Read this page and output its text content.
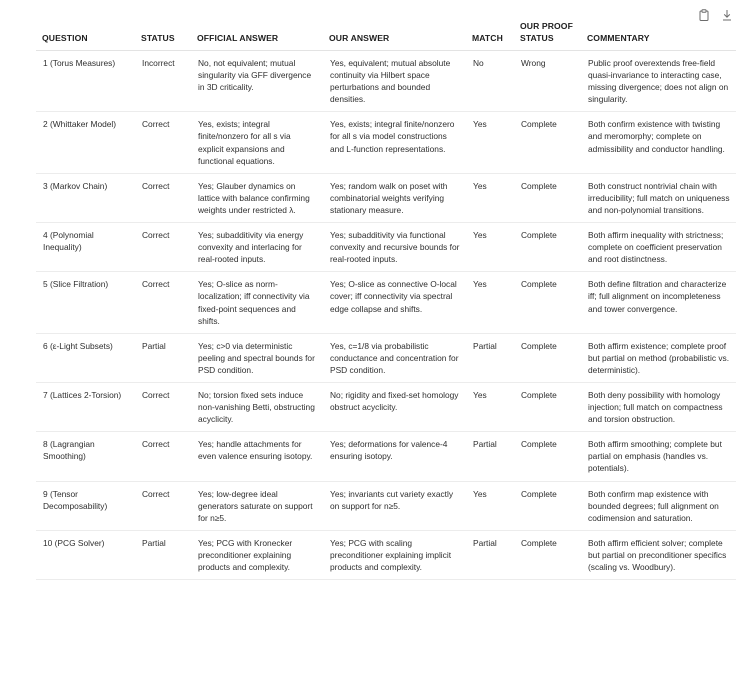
QUESTION	STATUS	OFFICIAL ANSWER	OUR ANSWER	MATCH	OUR PROOF STATUS	COMMENTARY
1 (Torus Measures)	Incorrect	No, not equivalent; mutual singularity via GFF divergence in 3D criticality.	Yes, equivalent; mutual absolute continuity via Hilbert space perturbations and bounded densities.	No	Wrong	Public proof overextends free-field quasi-invariance to interacting case, missing divergence; does not align on singularity.
2 (Whittaker Model)	Correct	Yes, exists; integral finite/nonzero for all s via explicit expansions and functional equations.	Yes, exists; integral finite/nonzero for all s via model constructions and L-function representations.	Yes	Complete	Both confirm existence with twisting and meromorphy; complete on admissibility and conductor handling.
3 (Markov Chain)	Correct	Yes; Glauber dynamics on lattice with balance confirming weights under restricted λ.	Yes; random walk on poset with combinatorial weights verifying stationary measure.	Yes	Complete	Both construct nontrivial chain with irreducibility; full match on uniqueness and non-polynomial transitions.
4 (Polynomial Inequality)	Correct	Yes; subadditivity via energy convexity and interlacing for real-rooted inputs.	Yes; subadditivity via functional convexity and recursive bounds for real-rooted inputs.	Yes	Complete	Both affirm inequality with strictness; complete on coefficient preservation and root distinctness.
5 (Slice Filtration)	Correct	Yes; O-slice as norm-localization; iff connectivity via fixed-point sequences and shifts.	Yes; O-slice as connective O-local cover; iff connectivity via spectral edge collapse and shifts.	Yes	Complete	Both define filtration and characterize iff; full alignment on incompleteness and tower convergence.
6 (ε-Light Subsets)	Partial	Yes; c>0 via deterministic peeling and spectral bounds for PSD condition.	Yes, c=1/8 via probabilistic conductance and concentration for PSD condition.	Partial	Complete	Both affirm existence; complete proof but partial on method (probabilistic vs. deterministic).
7 (Lattices 2-Torsion)	Correct	No; torsion fixed sets induce non-vanishing Betti, obstructing acyclicity.	No; rigidity and fixed-set homology obstruct acyclicity.	Yes	Complete	Both deny possibility with homology injection; full match on compactness and torsion obstruction.
8 (Lagrangian Smoothing)	Correct	Yes; handle attachments for even valence ensuring isotopy.	Yes; deformations for valence-4 ensuring isotopy.	Partial	Complete	Both affirm smoothing; complete but partial on emphasis (handles vs. potentials).
9 (Tensor Decomposability)	Correct	Yes; low-degree ideal generators saturate on support for n≥5.	Yes; invariants cut variety exactly on support for n≥5.	Yes	Complete	Both confirm map existence with bounded degrees; full alignment on codimension and saturation.
10 (PCG Solver)	Partial	Yes; PCG with Kronecker preconditioner explaining products and complexity.	Yes; PCG with scaling preconditioner explaining implicit products and complexity.	Partial	Complete	Both affirm efficient solver; complete but partial on preconditioner specifics (scaling vs. Woodbury).
